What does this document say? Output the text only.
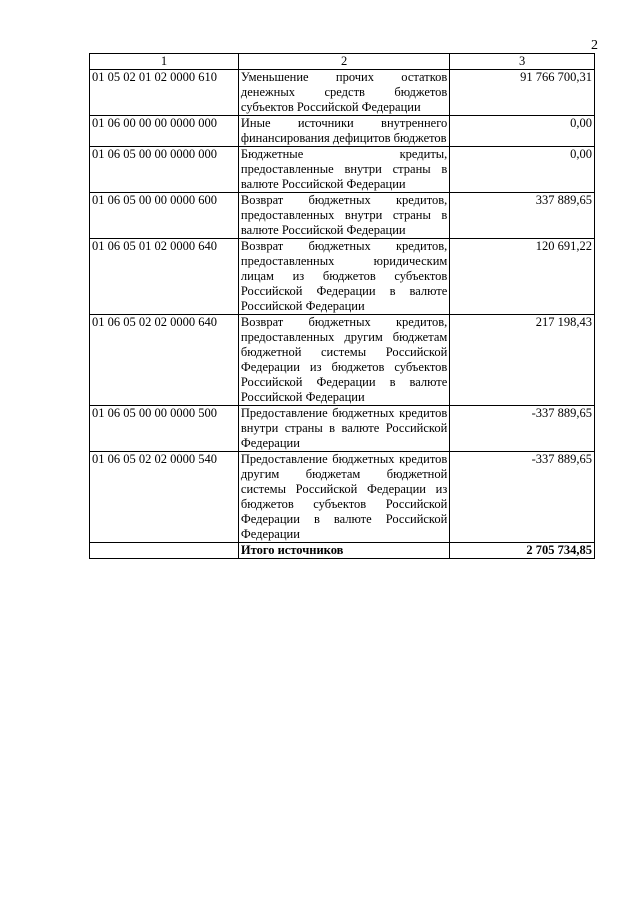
2
1	2	3
01 05 02 01 02 0000 610	Уменьшение прочих остатков денежных средств бюджетов субъектов Российской Федерации	91 766 700,31
01 06 00 00 00 0000 000	Иные источники внутреннего финансирования дефицитов бюджетов	0,00
01 06 05 00 00 0000 000	Бюджетные кредиты, предоставленные внутри страны в валюте Российской Федерации	0,00
01 06 05 00 00 0000 600	Возврат бюджетных кредитов, предоставленных внутри страны в валюте Российской Федерации	337 889,65
01 06 05 01 02 0000 640	Возврат бюджетных кредитов, предоставленных юридическим лицам из бюджетов субъектов Российской Федерации в валюте Российской Федерации	120 691,22
01 06 05 02 02 0000 640	Возврат бюджетных кредитов, предоставленных другим бюджетам бюджетной системы Российской Федерации из бюджетов субъектов Российской Федерации в валюте Российской Федерации	217 198,43
01 06 05 00 00 0000 500	Предоставление бюджетных кредитов внутри страны в валюте Российской Федерации	-337 889,65
01 06 05 02 02 0000 540	Предоставление бюджетных кредитов другим бюджетам бюджетной системы Российской Федерации из бюджетов субъектов Российской Федерации в валюте Российской Федерации	-337 889,65
	Итого источников	2 705 734,85
